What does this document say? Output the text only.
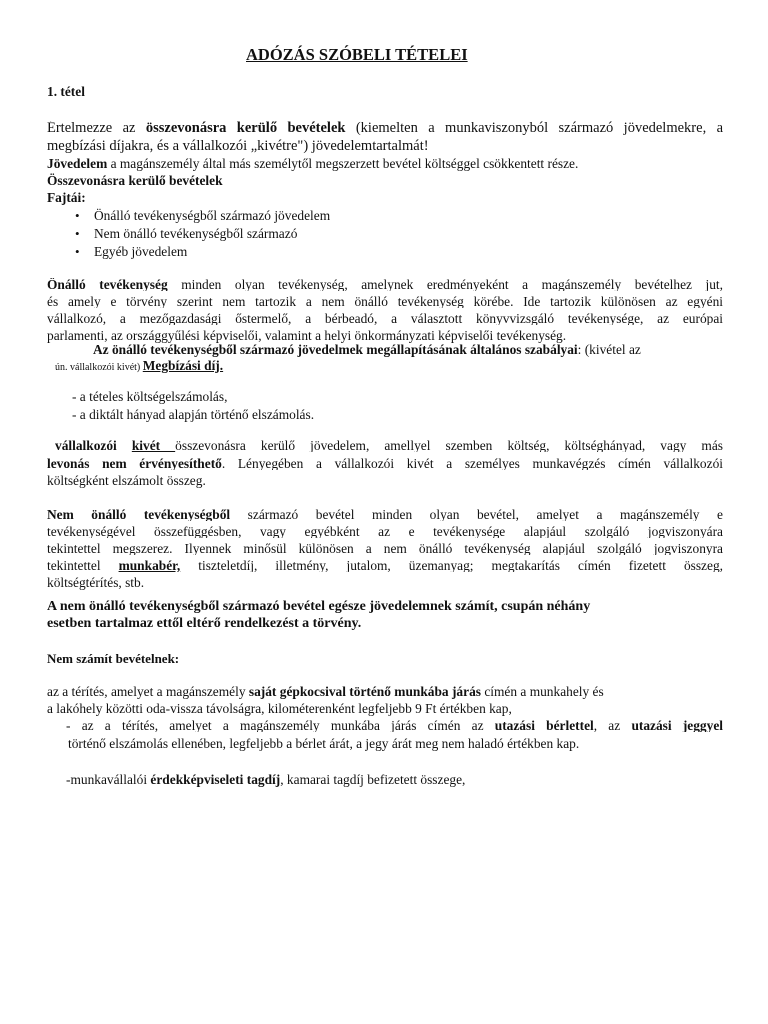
ADÓZÁS SZÓBELI TÉTELEI
1. tétel
Értelmezze az összevonásra kerülő bevételek (kiemelten a munkaviszonyból származó jövedelmekre, a
megbízási díjakra, és a vállalkozói „kivétre") jövedelemtartalmát!
Jövedelem a magánszemély által más személytől megszerzett bevétel költséggel csökkentett része.
Összevonásra kerülő bevételek
Fajtái:
• Önálló tevékenységből származó jövedelem
• Nem önálló tevékenységből származó
• Egyéb jövedelem
Önálló tevékenység minden olyan tevékenység, amelynek eredményeként a magánszemély bevételhez jut,
és amely e törvény szerint nem tartozik a nem önálló tevékenység körébe. Ide tartozik különösen az egyéni
vállalkozó, a mezőgazdasági őstermelő, a bérbeadó, a választott könyvvizsgáló tevékenysége, az európai
parlamenti, az országgyűlési képviselői, valamint a helyi önkormányzati képviselői tevékenység.
Az önálló tevékenységből származó jövedelmek megállapításának általános szabályai: (kivétel az
ún. vállalkozói kivét) Megbízási díj.
- a tételes költségelszámolás,
- a diktált hányad alapján történő elszámolás.
vállalkozói kivét összevonásra kerülő jövedelem, amellyel szemben költség, költséghányad, vagy más
levonás nem érvényesíthető. Lényegében a vállalkozói kivét a személyes munkavégzés címén vállalkozói
költségként elszámolt összeg.
Nem önálló tevékenységből származó bevétel minden olyan bevétel, amelyet a magánszemély e
tevékenységével összefüggésben, vagy egyébként az e tevékenysége alapjául szolgáló jogviszonyára
tekintettel megszerez. Ilyennek minősül különösen a nem önálló tevékenység alapjául szolgáló jogviszonyra
tekintettel munkabér, tiszteletdíj, illetmény, jutalom, üzemanyag; megtakarítás címén fizetett összeg,
költségtérítés, stb.
A nem önálló tevékenységből származó bevétel egésze jövedelemnek számít, csupán néhány
esetben tartalmaz ettől eltérő rendelkezést a törvény.
Nem számít bevételnek:
az a térítés, amelyet a magánszemély saját gépkocsival történő munkába járás címén a munkahely és
a lakóhely közötti oda-vissza távolságra, kilométerenként legfeljebb 9 Ft értékben kap,
- az a térítés, amelyet a magánszemély munkába járás címén az utazási bérlettel, az utazási jeggyel
történő elszámolás ellenében, legfeljebb a bérlet árát, a jegy árát meg nem haladó értékben kap.
-munkavállalói érdekképviseleti tagdíj, kamarai tagdíj befizetett összege,
